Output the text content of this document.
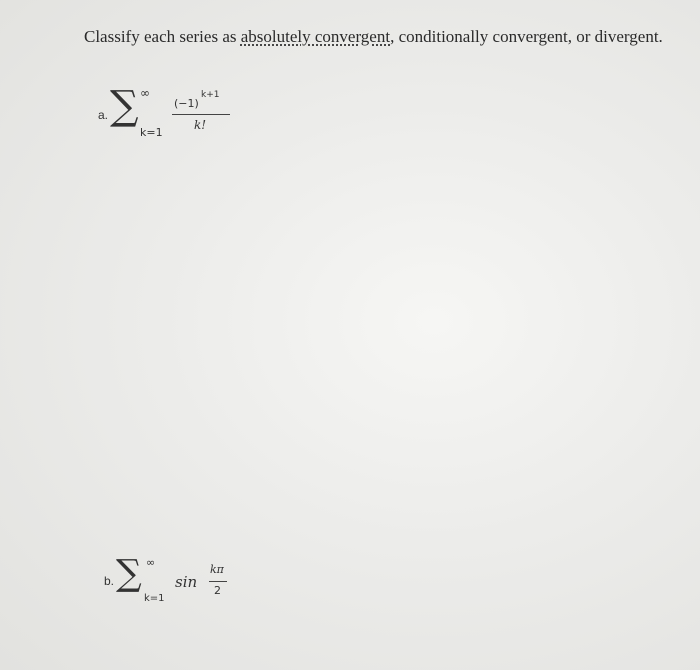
Classify each series as absolutely convergent, conditionally convergent, or divergent.
a. ∑ ∞
k=1
(−1)
k+1
k!
b. ∑ ∞
k=1
sin
kπ
2
